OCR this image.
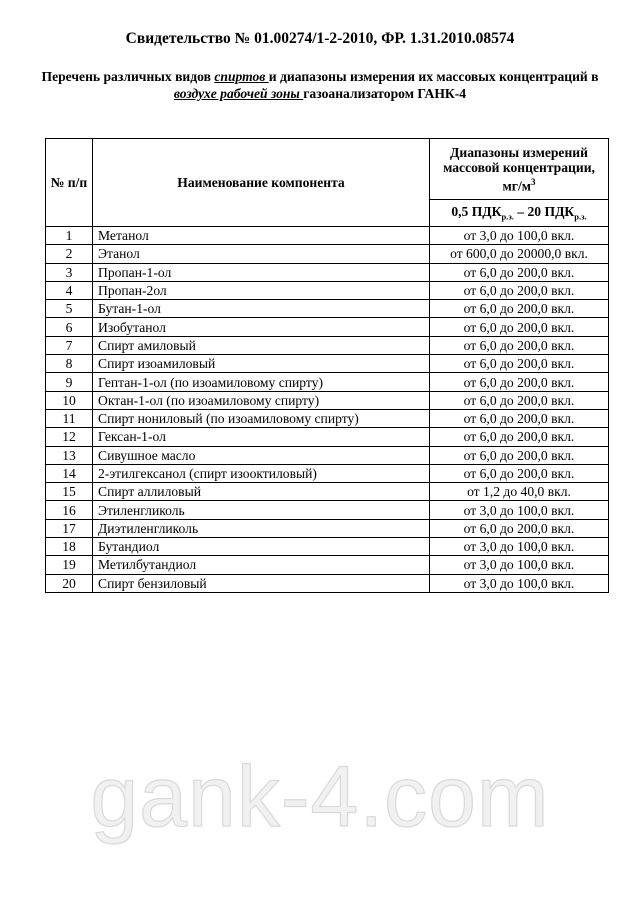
Свидетельство № 01.00274/1-2-2010, ФР. 1.31.2010.08574
Перечень различных видов спиртов и диапазоны измерения их массовых концентраций в воздухе рабочей зоны газоанализатором ГАНК-4
№ п/п	Наименование компонента	Диапазоны измерений массовой концентрации, $мг/м^3$
		0,5 $ПДК_{р.з.} - 20$ $ПДК_{р.з.}$
1	Метанол	от 3,0 до 100,0 вкл.
2	Этанол	от 600,0 до 20000,0 вкл.
3	Пропан-1-ол	от 6,0 до 200,0 вкл.
4	Пропан-2ол	от 6,0 до 200,0 вкл.
5	Бутан-1-ол	от 6,0 до 200,0 вкл.
6	Изобутанол	от 6,0 до 200,0 вкл.
7	Спирт амиловый	от 6,0 до 200,0 вкл.
8	Спирт изоамиловый	от 6,0 до 200,0 вкл.
9	Гептан-1-ол (по изоамиловому спирту)	от 6,0 до 200,0 вкл.
10	Октан-1-ол (по изоамиловому спирту)	от 6,0 до 200,0 вкл.
11	Спирт нониловый (по изоамиловому спирту)	от 6,0 до 200,0 вкл.
12	Гексан-1-ол	от 6,0 до 200,0 вкл.
13	Сивушное масло	от 6,0 до 200,0 вкл.
14	2-этилгексанол (спирт изооктиловый)	от 6,0 до 200,0 вкл.
15	Спирт аллиловый	от 1,2 до 40,0 вкл.
16	Этиленгликоль	от 3,0 до 100,0 вкл.
17	Диэтиленгликоль	от 6,0 до 200,0 вкл.
18	Бутандиол	от 3,0 до 100,0 вкл.
19	Метилбутандиол	от 3,0 до 100,0 вкл.
20	Спирт бензиловый	от 3,0 до 100,0 вкл.
gank-4.com
